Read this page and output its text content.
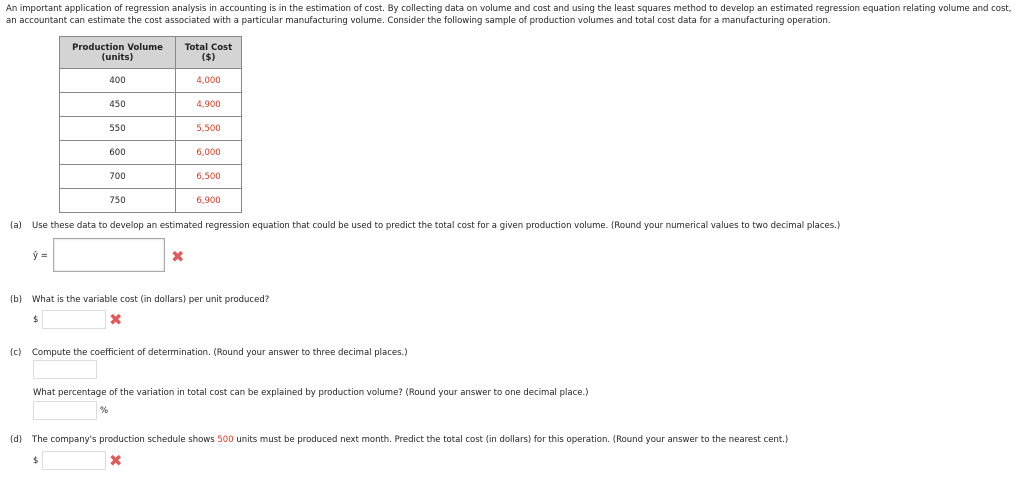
An important application of regression analysis in accounting is in the estimation of cost. By collecting data on volume and cost and using the least squares method to develop an estimated regression equation relating volume and cost, an accountant can estimate the cost associated with a particular manufacturing volume. Consider the following sample of production volumes and total cost data for a manufacturing operation.
Production Volume (units)	Total Cost ($)
400	4,000
450	4,900
550	5,500
600	6,000
700	6,500
750	6,900
(a) Use these data to develop an estimated regression equation that could be used to predict the total cost for a given production volume. (Round your numerical values to two decimal places.)
ŷ =	✖
(b) What is the variable cost (in dollars) per unit produced?
$	✖
(c) Compute the coefficient of determination. (Round your answer to three decimal places.)
What percentage of the variation in total cost can be explained by production volume? (Round your answer to one decimal place.)
%
(d) The company's production schedule shows 500 units must be produced next month. Predict the total cost (in dollars) for this operation. (Round your answer to the nearest cent.)
$	✖
